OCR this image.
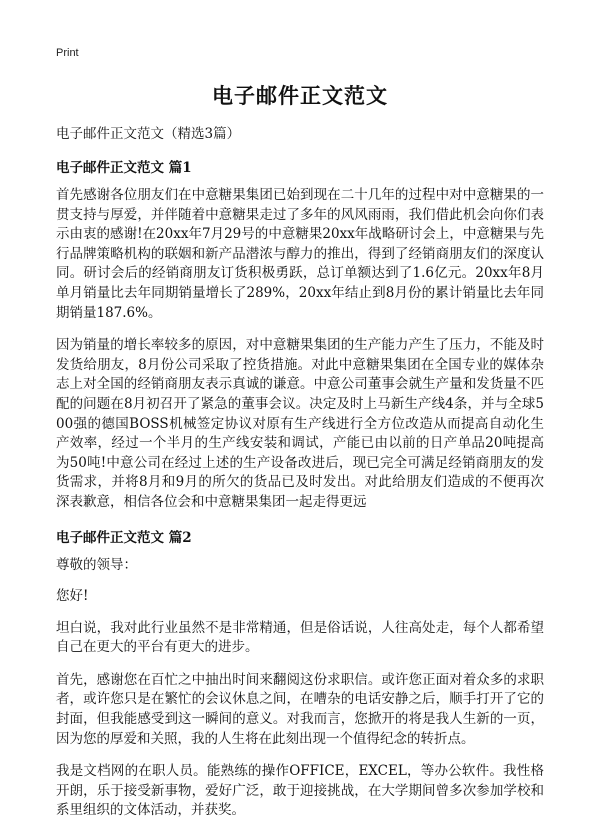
Print
电子邮件正文范文
电子邮件正文范文（精选3篇）
电子邮件正文范文 篇1
首先感谢各位朋友们在中意糖果集团已始到现在二十几年的过程中对中意糖果的一贯支持与厚爱，并伴随着中意糖果走过了多年的风风雨雨，我们借此机会向你们表示由衷的感谢!在20xx年7月29号的中意糖果20xx年战略研讨会上，中意糖果与先行品牌策略机构的联姻和新产品潜浓与醇力的推出，得到了经销商朋友们的深度认同。研讨会后的经销商朋友订货积极勇跃，总订单额达到了1.6亿元。20xx年8月单月销量比去年同期销量增长了289%，20xx年结止到8月份的累计销量比去年同期销量187.6%。
因为销量的增长率较多的原因，对中意糖果集团的生产能力产生了压力，不能及时发货给朋友，8月份公司采取了控货措施。对此中意糖果集团在全国专业的媒体杂志上对全国的经销商朋友表示真诚的谦意。中意公司董事会就生产量和发货量不匹配的问题在8月初召开了紧急的董事会议。决定及时上马新生产线4条，并与全球500强的德国BOSS机械签定协议对原有生产线进行全方位改造从而提高自动化生产效率，经过一个半月的生产线安装和调试，产能已由以前的日产单品20吨提高为50吨!中意公司在经过上述的生产设备改进后，现已完全可满足经销商朋友的发货需求，并将8月和9月的所欠的货品已及时发出。对此给朋友们造成的不便再次深表歉意，相信各位会和中意糖果集团一起走得更远
电子邮件正文范文 篇2
尊敬的领导：
您好!
坦白说，我对此行业虽然不是非常精通，但是俗话说，人往高处走，每个人都希望自己在更大的平台有更大的进步。
首先，感谢您在百忙之中抽出时间来翻阅这份求职信。或许您正面对着众多的求职者，或许您只是在繁忙的会议休息之间，在嘈杂的电话安静之后，顺手打开了它的封面，但我能感受到这一瞬间的意义。对我而言，您掀开的将是我人生新的一页，因为您的厚爱和关照，我的人生将在此刻出现一个值得纪念的转折点。
我是文档网的在职人员。能熟练的操作OFFICE，EXCEL，等办公软件。我性格开朗，乐于接受新事物，爱好广泛，敢于迎接挑战，在大学期间曾多次参加学校和系里组织的文体活动，并获奖。
